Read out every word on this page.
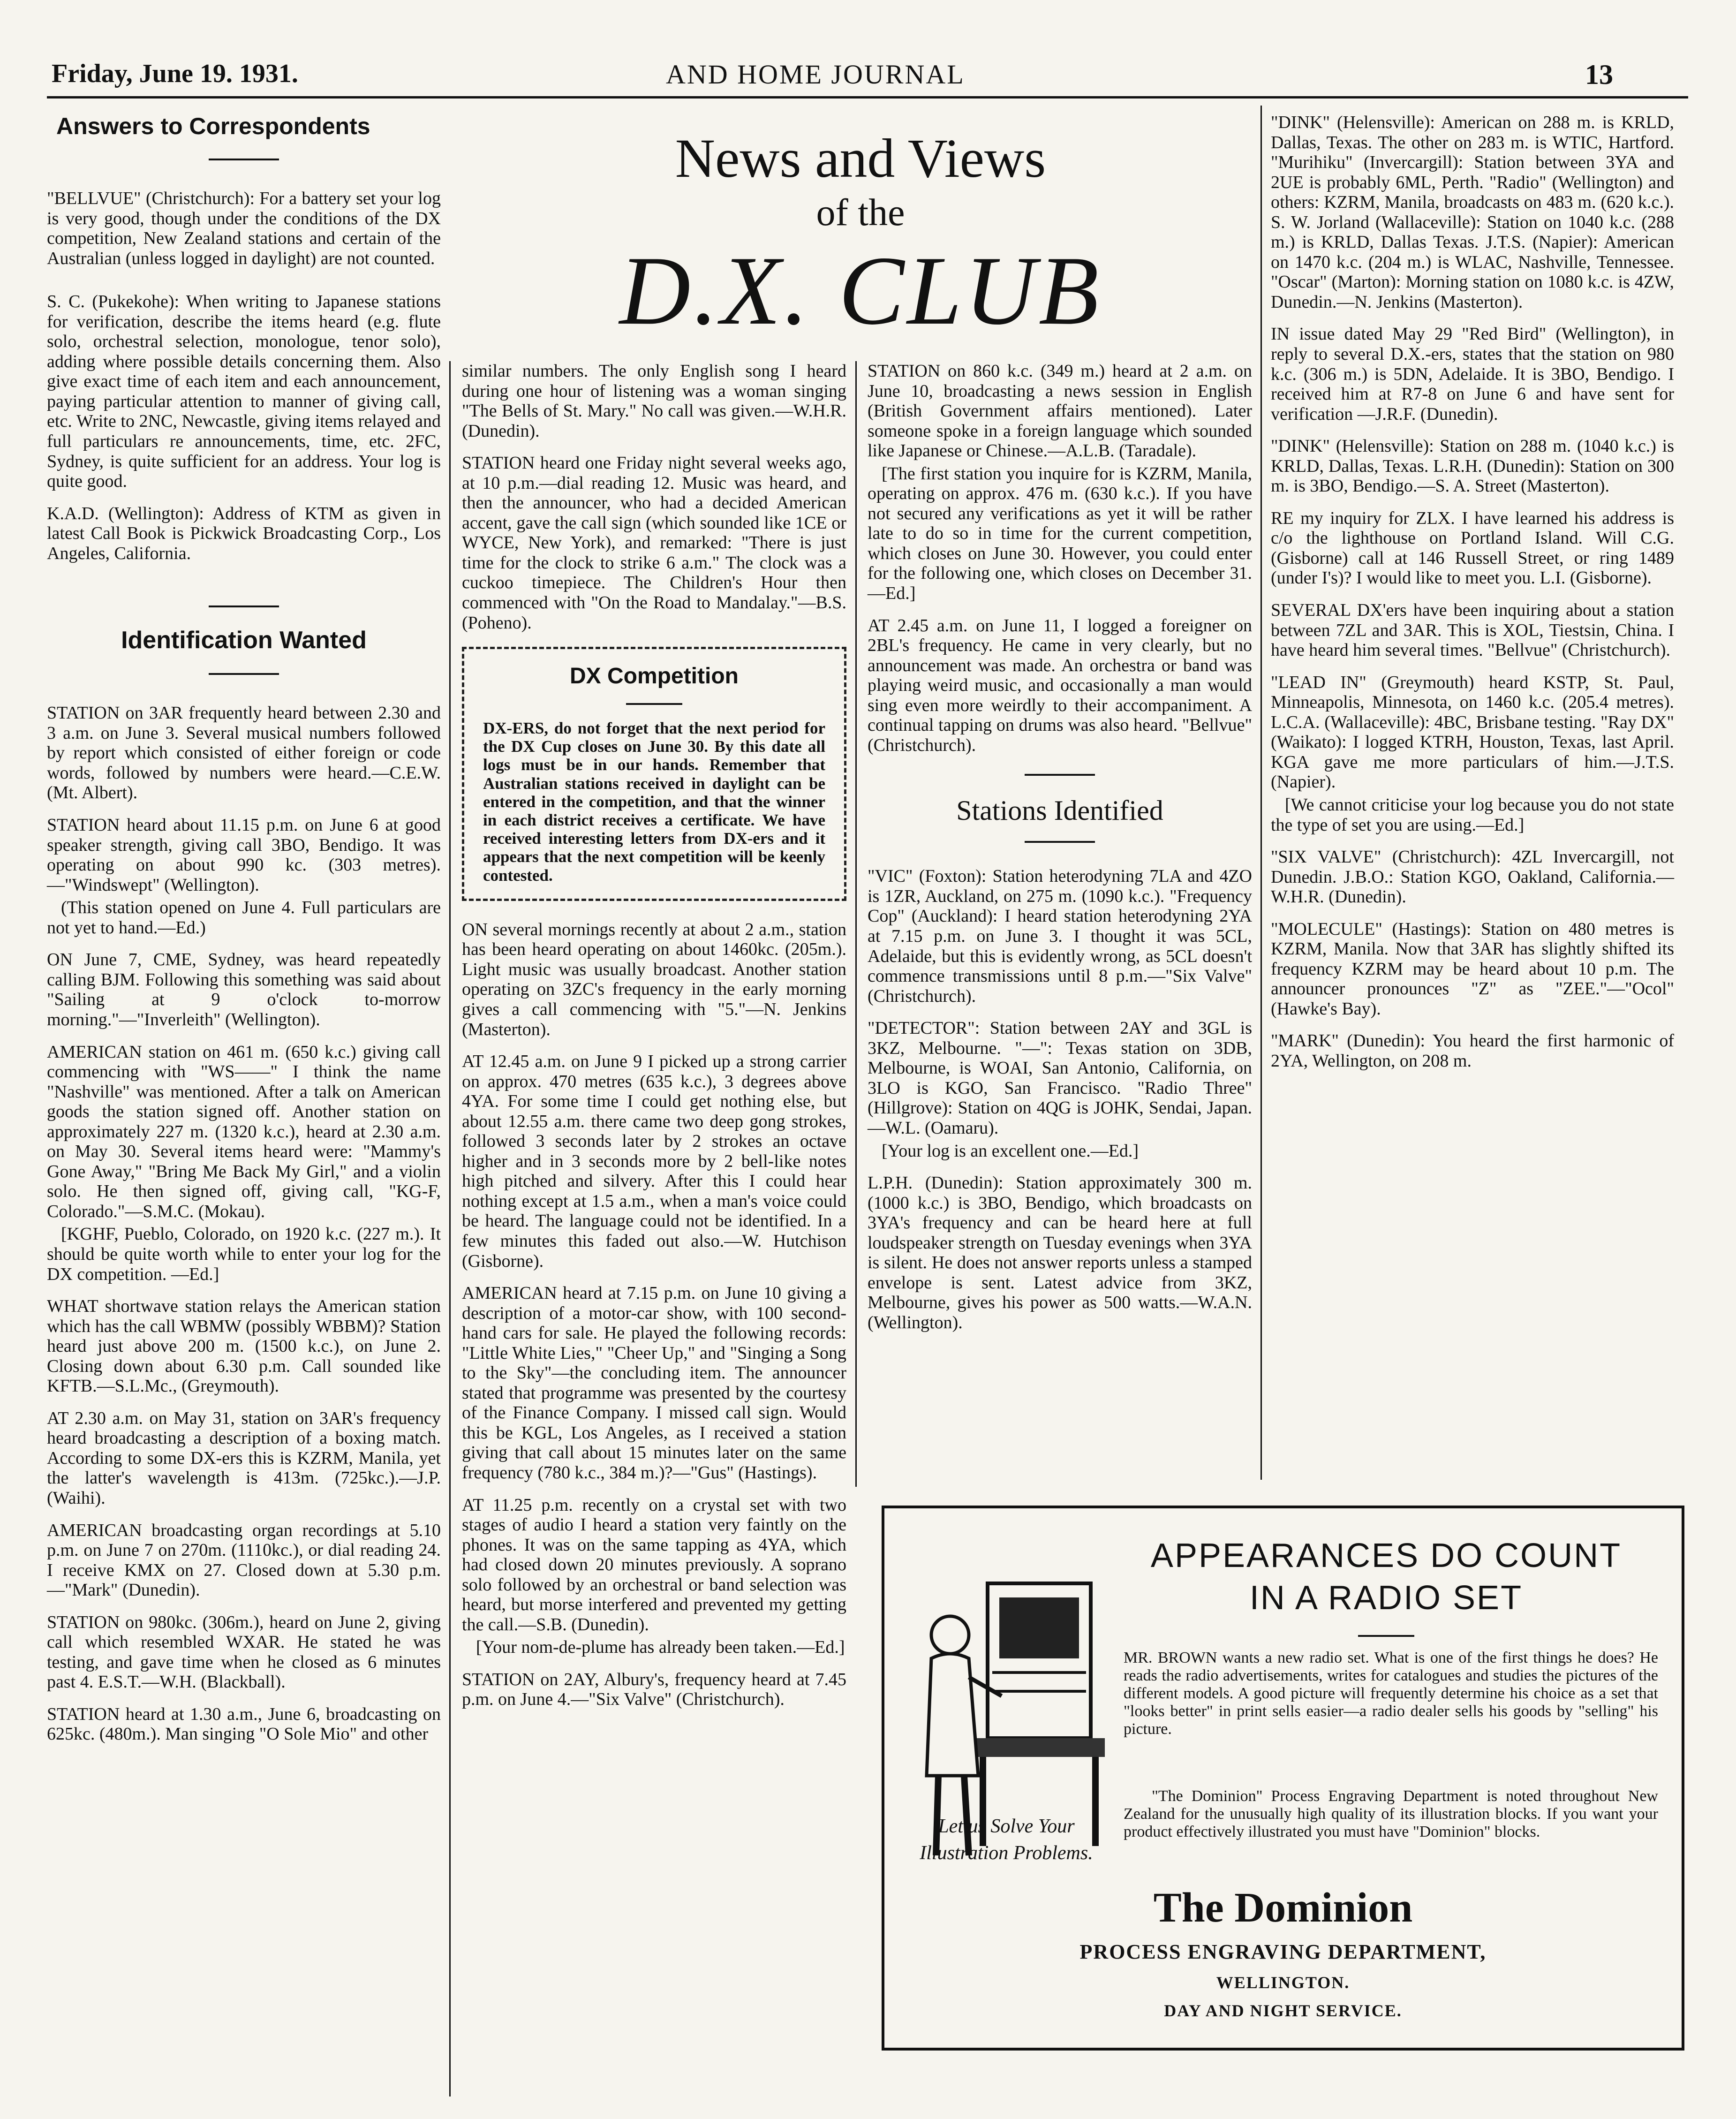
Friday, June 19. 1931.	AND HOME JOURNAL	13
Answers to Correspondents

"BELLVUE" (Christchurch): For a battery set your log is very good, though under the conditions of the DX competition, New Zealand stations and certain of the Australian (unless logged in daylight) are not counted.

S. C. (Pukekohe): When writing to Japanese stations for verification, describe the items heard (e.g. flute solo, orchestral selection, monologue, tenor solo), adding where possible details concerning them. Also give exact time of each item and each announcement, paying particular attention to manner of giving call, etc. Write to 2NC, Newcastle, giving items relayed and full particulars re announcements, time, etc. 2FC, Sydney, is quite sufficient for an address. Your log is quite good.

K.A.D. (Wellington): Address of KTM as given in latest Call Book is Pickwick Broadcasting Corp., Los Angeles, California.

Identification Wanted

STATION on 3AR frequently heard between 2.30 and 3 a.m. on June 3. Several musical numbers followed by report which consisted of either foreign or code words, followed by numbers were heard.—C.E.W. (Mt. Albert).

STATION heard about 11.15 p.m. on June 6 at good speaker strength, giving call 3BO, Bendigo. It was operating on about 990 kc. (303 metres).—"Windswept" (Wellington).

(This station opened on June 4. Full particulars are not yet to hand.—Ed.)

ON June 7, CME, Sydney, was heard repeatedly calling BJM. Following this something was said about "Sailing at 9 o'clock to-morrow morning."—"Inverleith" (Wellington).

AMERICAN station on 461 m. (650 k.c.) giving call commencing with "WS——" I think the name "Nashville" was mentioned. After a talk on American goods the station signed off. Another station on approximately 227 m. (1320 k.c.), heard at 2.30 a.m. on May 30. Several items heard were: "Mammy's Gone Away," "Bring Me Back My Girl," and a violin solo. He then signed off, giving call, "KG-F, Colorado."—S.M.C. (Mokau).

[KGHF, Pueblo, Colorado, on 1920 k.c. (227 m.). It should be quite worth while to enter your log for the DX competition. —Ed.]

WHAT shortwave station relays the American station which has the call WBMW (possibly WBBM)? Station heard just above 200 m. (1500 k.c.), on June 2. Closing down about 6.30 p.m. Call sounded like KFTB.—S.L.Mc., (Greymouth).

AT 2.30 a.m. on May 31, station on 3AR's frequency heard broadcasting a description of a boxing match. According to some DX-ers this is KZRM, Manila, yet the latter's wavelength is 413m. (725kc.).—J.P. (Waihi).

AMERICAN broadcasting organ recordings at 5.10 p.m. on June 7 on 270m. (1110kc.), or dial reading 24. I receive KMX on 27. Closed down at 5.30 p.m.—"Mark" (Dunedin).

STATION on 980kc. (306m.), heard on June 2, giving call which resembled WXAR. He stated he was testing, and gave time when he closed as 6 minutes past 4. E.S.T.—W.H. (Blackball).

STATION heard at 1.30 a.m., June 6, broadcasting on 625kc. (480m.). Man singing "O Sole Mio" and other

News and Views
of the
D.X. CLUB

similar numbers. The only English song I heard during one hour of listening was a woman singing "The Bells of St. Mary." No call was given.—W.H.R. (Dunedin).

STATION heard one Friday night several weeks ago, at 10 p.m.—dial reading 12. Music was heard, and then the announcer, who had a decided American accent, gave the call sign (which sounded like 1CE or WYCE, New York), and remarked: "There is just time for the clock to strike 6 a.m." The clock was a cuckoo timepiece. The Children's Hour then commenced with "On the Road to Mandalay."—B.S. (Poheno).

DX Competition

DX-ERS, do not forget that the next period for the DX Cup closes on June 30. By this date all logs must be in our hands. Remember that Australian stations received in daylight can be entered in the competition, and that the winner in each district receives a certificate. We have received interesting letters from DX-ers and it appears that the next competition will be keenly contested.

ON several mornings recently at about 2 a.m., station has been heard operating on about 1460kc. (205m.). Light music was usually broadcast. Another station operating on 3ZC's frequency in the early morning gives a call commencing with "5."—N. Jenkins (Masterton).

AT 12.45 a.m. on June 9 I picked up a strong carrier on approx. 470 metres (635 k.c.), 3 degrees above 4YA. For some time I could get nothing else, but about 12.55 a.m. there came two deep gong strokes, followed 3 seconds later by 2 strokes an octave higher and in 3 seconds more by 2 bell-like notes high pitched and silvery. After this I could hear nothing except at 1.5 a.m., when a man's voice could be heard. The language could not be identified. In a few minutes this faded out also.—W. Hutchison (Gisborne).

AMERICAN heard at 7.15 p.m. on June 10 giving a description of a motor-car show, with 100 second-hand cars for sale. He played the following records: "Little White Lies," "Cheer Up," and "Singing a Song to the Sky"—the concluding item. The announcer stated that programme was presented by the courtesy of the Finance Company. I missed call sign. Would this be KGL, Los Angeles, as I received a station giving that call about 15 minutes later on the same frequency (780 k.c., 384 m.)?—"Gus" (Hastings).

AT 11.25 p.m. recently on a crystal set with two stages of audio I heard a station very faintly on the phones. It was on the same tapping as 4YA, which had closed down 20 minutes previously. A soprano solo followed by an orchestral or band selection was heard, but morse interfered and prevented my getting the call.—S.B. (Dunedin).

[Your nom-de-plume has already been taken.—Ed.]

STATION on 2AY, Albury's, frequency heard at 7.45 p.m. on June 4.—"Six Valve" (Christchurch).

STATION on 860 k.c. (349 m.) heard at 2 a.m. on June 10, broadcasting a news session in English (British Government affairs mentioned). Later someone spoke in a foreign language which sounded like Japanese or Chinese.—A.L.B. (Taradale).

[The first station you inquire for is KZRM, Manila, operating on approx. 476 m. (630 k.c.). If you have not secured any verifications as yet it will be rather late to do so in time for the current competition, which closes on June 30. However, you could enter for the following one, which closes on December 31. —Ed.]

AT 2.45 a.m. on June 11, I logged a foreigner on 2BL's frequency. He came in very clearly, but no announcement was made. An orchestra or band was playing weird music, and occasionally a man would sing even more weirdly to their accompaniment. A continual tapping on drums was also heard. "Bellvue" (Christchurch).

Stations Identified

"VIC" (Foxton): Station heterodyning 7LA and 4ZO is 1ZR, Auckland, on 275 m. (1090 k.c.). "Frequency Cop" (Auckland): I heard station heterodyning 2YA at 7.15 p.m. on June 3. I thought it was 5CL, Adelaide, but this is evidently wrong, as 5CL doesn't commence transmissions until 8 p.m.—"Six Valve" (Christchurch).

"DETECTOR": Station between 2AY and 3GL is 3KZ, Melbourne. "—": Texas station on 3DB, Melbourne, is WOAI, San Antonio, California, on 3LO is KGO, San Francisco. "Radio Three" (Hillgrove): Station on 4QG is JOHK, Sendai, Japan.—W.L. (Oamaru).

[Your log is an excellent one.—Ed.]

L.P.H. (Dunedin): Station approximately 300 m. (1000 k.c.) is 3BO, Bendigo, which broadcasts on 3YA's frequency and can be heard here at full loudspeaker strength on Tuesday evenings when 3YA is silent. He does not answer reports unless a stamped envelope is sent. Latest advice from 3KZ, Melbourne, gives his power as 500 watts.—W.A.N. (Wellington).

"DINK" (Helensville): American on 288 m. is KRLD, Dallas, Texas. The other on 283 m. is WTIC, Hartford. "Murihiku" (Invercargill): Station between 3YA and 2UE is probably 6ML, Perth. "Radio" (Wellington) and others: KZRM, Manila, broadcasts on 483 m. (620 k.c.). S. W. Jorland (Wallaceville): Station on 1040 k.c. (288 m.) is KRLD, Dallas Texas. J.T.S. (Napier): American on 1470 k.c. (204 m.) is WLAC, Nashville, Tennessee. "Oscar" (Marton): Morning station on 1080 k.c. is 4ZW, Dunedin.—N. Jenkins (Masterton).

IN issue dated May 29 "Red Bird" (Wellington), in reply to several D.X.-ers, states that the station on 980 k.c. (306 m.) is 5DN, Adelaide. It is 3BO, Bendigo. I received him at R7-8 on June 6 and have sent for verification —J.R.F. (Dunedin).

"DINK" (Helensville): Station on 288 m. (1040 k.c.) is KRLD, Dallas, Texas. L.R.H. (Dunedin): Station on 300 m. is 3BO, Bendigo.—S. A. Street (Masterton).

RE my inquiry for ZLX. I have learned his address is c/o the lighthouse on Portland Island. Will C.G. (Gisborne) call at 146 Russell Street, or ring 1489 (under I's)? I would like to meet you. L.I. (Gisborne).

SEVERAL DX'ers have been inquiring about a station between 7ZL and 3AR. This is XOL, Tiestsin, China. I have heard him several times. "Bellvue" (Christchurch).

"LEAD IN" (Greymouth) heard KSTP, St. Paul, Minneapolis, Minnesota, on 1460 k.c. (205.4 metres). L.C.A. (Wallaceville): 4BC, Brisbane testing. "Ray DX" (Waikato): I logged KTRH, Houston, Texas, last April. KGA gave me more particulars of him.—J.T.S. (Napier).

[We cannot criticise your log because you do not state the type of set you are using.—Ed.]

"SIX VALVE" (Christchurch): 4ZL Invercargill, not Dunedin. J.B.O.: Station KGO, Oakland, California.—W.H.R. (Dunedin).

"MOLECULE" (Hastings): Station on 480 metres is KZRM, Manila. Now that 3AR has slightly shifted its frequency KZRM may be heard about 10 p.m. The announcer pronounces "Z" as "ZEE."—"Ocol" (Hawke's Bay).

"MARK" (Dunedin): You heard the first harmonic of 2YA, Wellington, on 208 m.

APPEARANCES DO COUNT
IN A RADIO SET
Let us Solve Your Illustration Problems.

MR. BROWN wants a new radio set. What is one of the first things he does? He reads the radio advertisements, writes for catalogues and studies the pictures of the different models. A good picture will frequently determine his choice as a set that "looks better" in print sells easier—a radio dealer sells his goods by "selling" his picture.

"The Dominion" Process Engraving Department is noted throughout New Zealand for the unusually high quality of its illustration blocks. If you want your product effectively illustrated you must have "Dominion" blocks.

The Dominion
PROCESS ENGRAVING DEPARTMENT,
WELLINGTON.
DAY AND NIGHT SERVICE.
